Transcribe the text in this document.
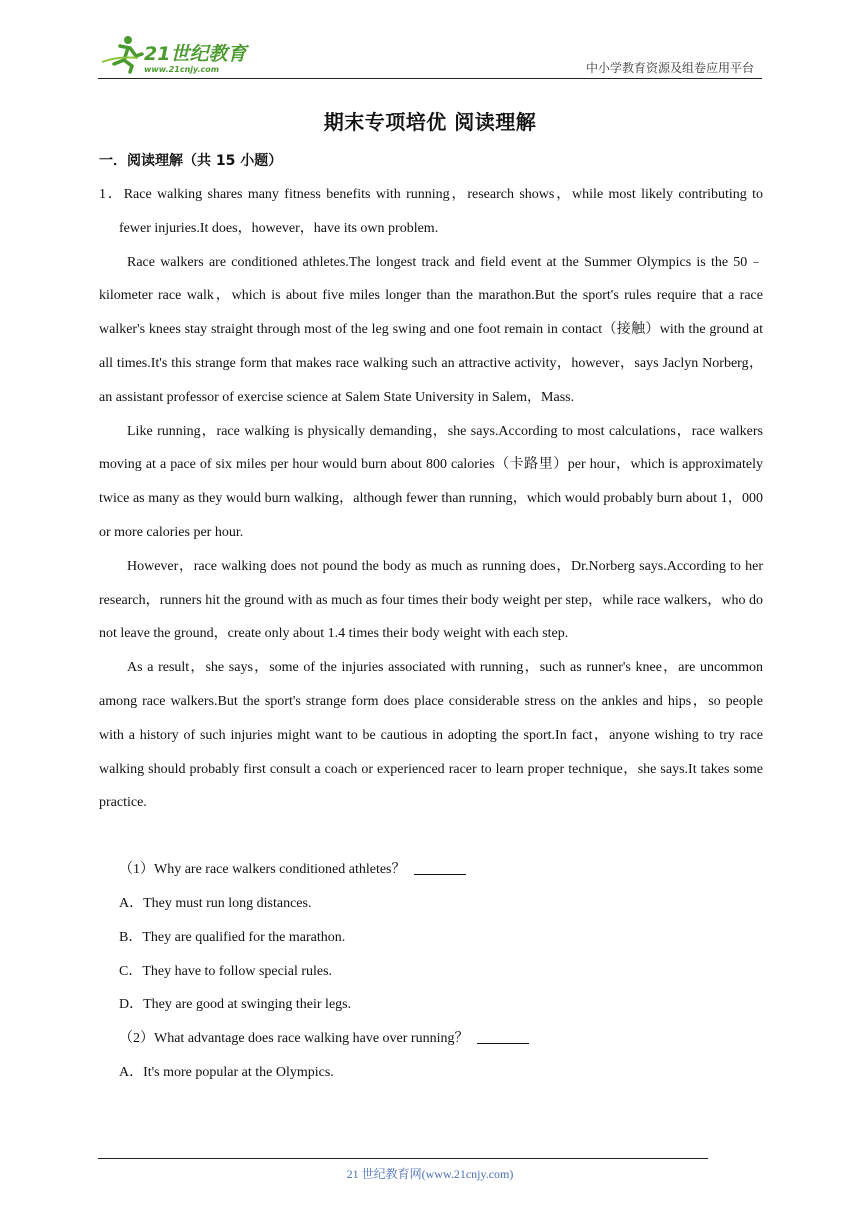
21世纪教育
www.21cnjy.com	中小学教育资源及组卷应用平台
期末专项培优 阅读理解
一．阅读理解（共 15 小题）

1．Race walking shares many fitness benefits with running，research shows，while most likely contributing to fewer injuries.It does，however，have its own problem.

Race walkers are conditioned athletes.The longest track and field event at the Summer Olympics is the 50﹣kilometer race walk，which is about five miles longer than the marathon.But the sport's rules require that a race walker's knees stay straight through most of the leg swing and one foot remain in contact（接触）with the ground at all times.It's this strange form that makes race walking such an attractive activity，however，says Jaclyn Norberg，an assistant professor of exercise science at Salem State University in Salem，Mass.

Like running，race walking is physically demanding，she says.According to most calculations，race walkers moving at a pace of six miles per hour would burn about 800 calories（卡路里）per hour，which is approximately twice as many as they would burn walking，although fewer than running，which would probably burn about 1，000 or more calories per hour.

However，race walking does not pound the body as much as running does，Dr.Norberg says.According to her research，runners hit the ground with as much as four times their body weight per step，while race walkers，who do not leave the ground，create only about 1.4 times their body weight with each step.

As a result，she says，some of the injuries associated with running，such as runner's knee，are uncommon among race walkers.But the sport's strange form does place considerable stress on the ankles and hips，so people with a history of such injuries might want to be cautious in adopting the sport.In fact，anyone wishing to try race walking should probably first consult a coach or experienced racer to learn proper technique，she says.It takes some practice.

（1）Why are race walkers conditioned athletes？

A．They must run long distances.

B．They are qualified for the marathon.

C．They have to follow special rules.

D．They are good at swinging their legs.

（2）What advantage does race walking have over running？

A．It's more popular at the Olympics.

21 世纪教育网(www.21cnjy.com)
